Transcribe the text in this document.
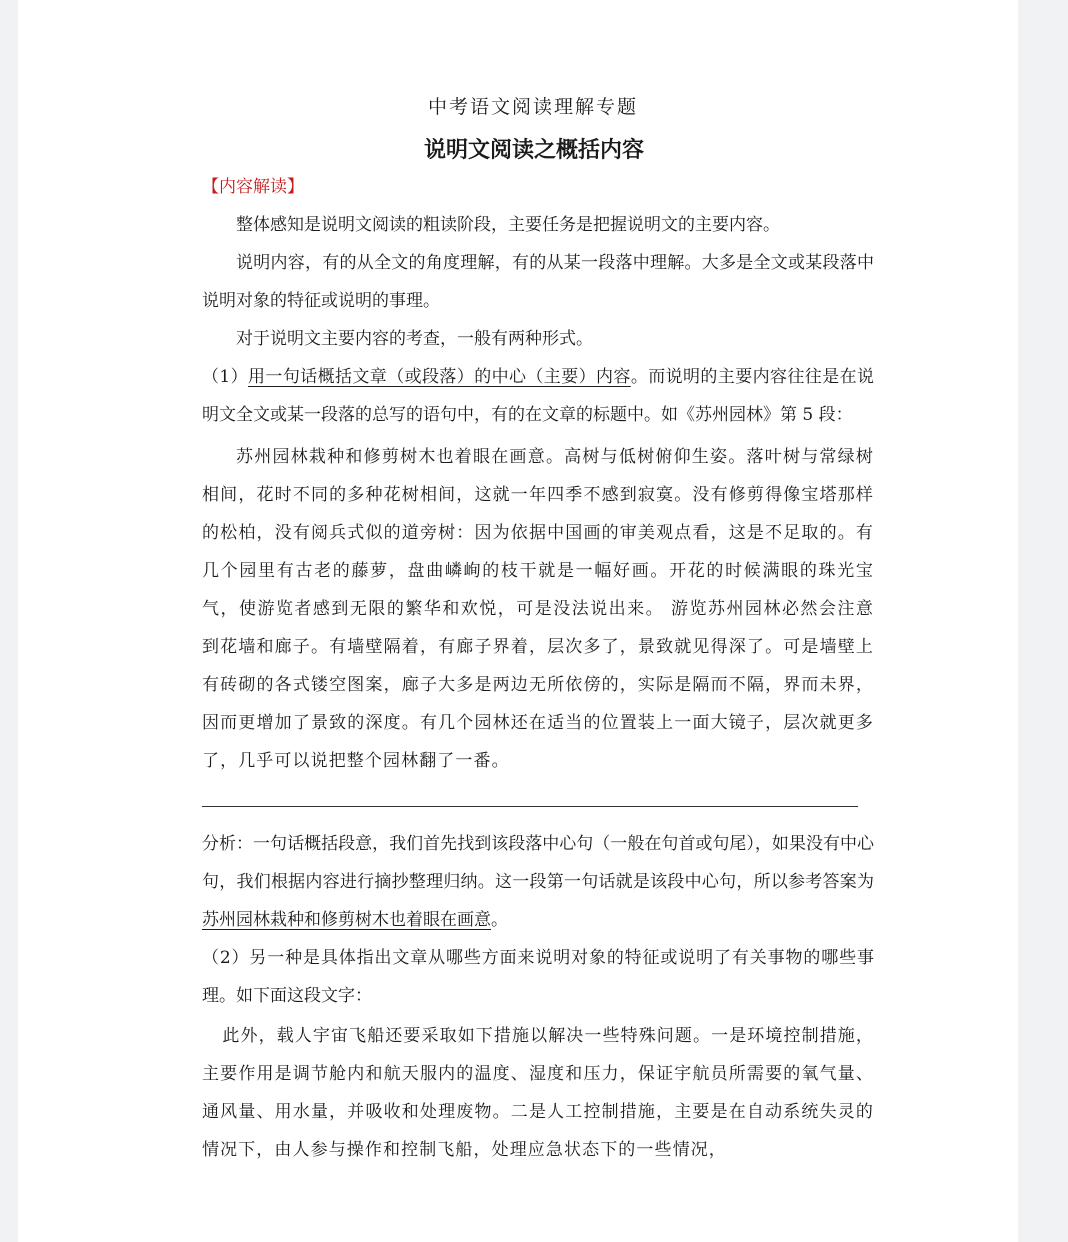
中考语文阅读理解专题
说明文阅读之概括内容
【内容解读】

整体感知是说明文阅读的粗读阶段，主要任务是把握说明文的主要内容。

说明内容，有的从全文的角度理解，有的从某一段落中理解。大多是全文或某段落中说明对象的特征或说明的事理。

对于说明文主要内容的考查，一般有两种形式。

（1）用一句话概括文章（或段落）的中心（主要）内容。而说明的主要内容往往是在说明文全文或某一段落的总写的语句中，有的在文章的标题中。如《苏州园林》第 5 段：

苏州园林栽种和修剪树木也着眼在画意。高树与低树俯仰生姿。落叶树与常绿树相间，花时不同的多种花树相间，这就一年四季不感到寂寞。没有修剪得像宝塔那样的松柏，没有阅兵式似的道旁树：因为依据中国画的审美观点看，这是不足取的。有几个园里有古老的藤萝，盘曲嶙峋的枝干就是一幅好画。开花的时候满眼的珠光宝气，使游览者感到无限的繁华和欢悦，可是没法说出来。 游览苏州园林必然会注意到花墙和廊子。有墙壁隔着，有廊子界着，层次多了，景致就见得深了。可是墙壁上有砖砌的各式镂空图案，廊子大多是两边无所依傍的，实际是隔而不隔，界而未界，因而更增加了景致的深度。有几个园林还在适当的位置装上一面大镜子，层次就更多了，几乎可以说把整个园林翻了一番。

分析：一句话概括段意，我们首先找到该段落中心句（一般在句首或句尾），如果没有中心句，我们根据内容进行摘抄整理归纳。这一段第一句话就是该段中心句，所以参考答案为苏州园林栽种和修剪树木也着眼在画意。

（2）另一种是具体指出文章从哪些方面来说明对象的特征或说明了有关事物的哪些事理。如下面这段文字：

此外，载人宇宙飞船还要采取如下措施以解决一些特殊问题。一是环境控制措施，主要作用是调节舱内和航天服内的温度、湿度和压力，保证宇航员所需要的氧气量、通风量、用水量，并吸收和处理废物。二是人工控制措施，主要是在自动系统失灵的情况下，由人参与操作和控制飞船，处理应急状态下的一些情况，
